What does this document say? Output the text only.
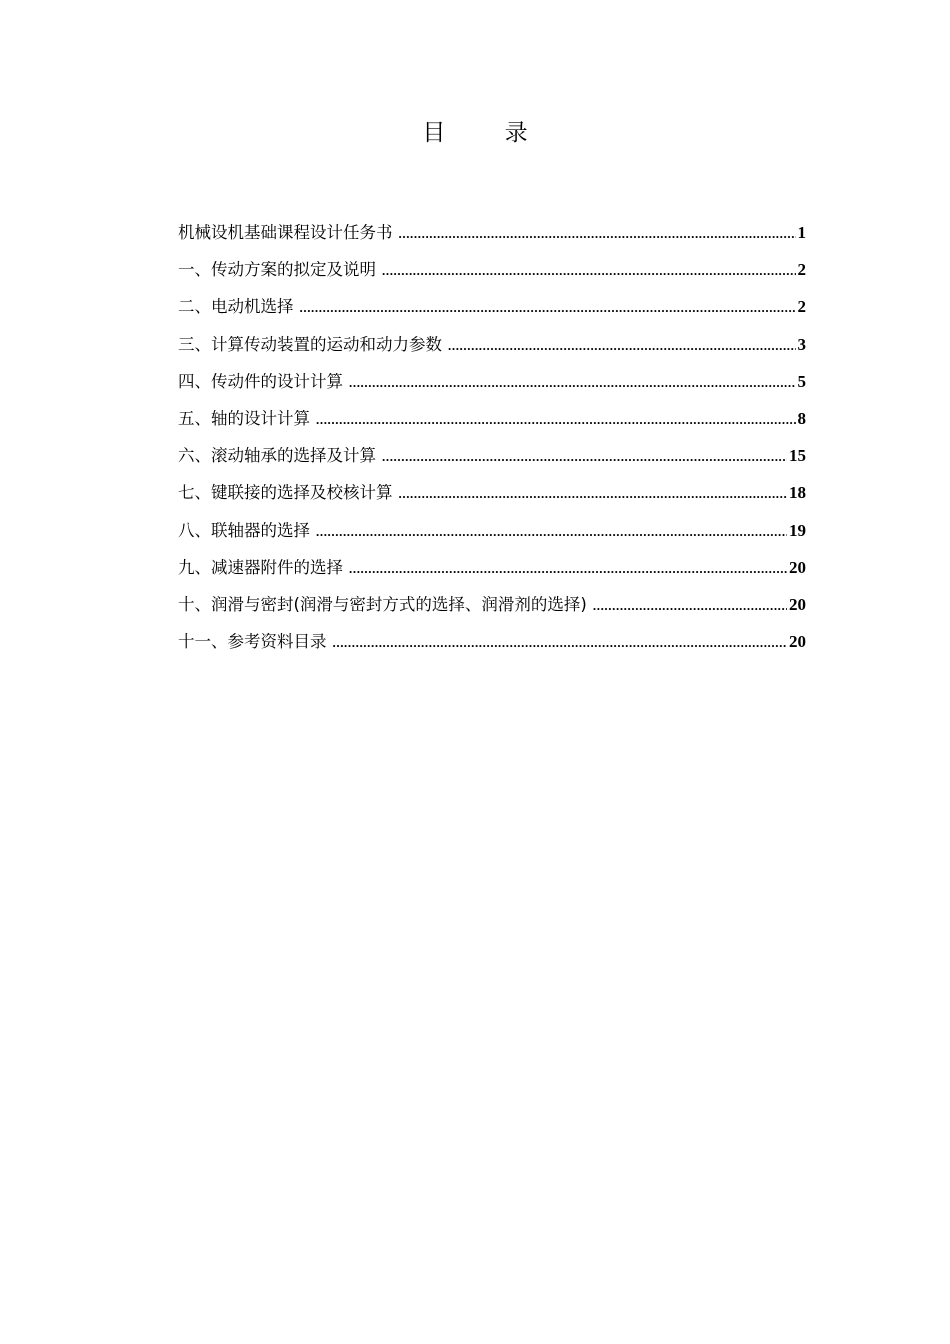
目 录
机械设机基础课程设计任务书 .....	1
一、传动方案的拟定及说明 .....	2
二、电动机选择 .....	2
三、计算传动装置的运动和动力参数 .....	3
四、传动件的设计计算 .....	5
五、轴的设计计算 .....	8
六、滚动轴承的选择及计算 .....	15
七、键联接的选择及校核计算 .....	18
八、联轴器的选择 .....	19
九、减速器附件的选择 .....	20
十、润滑与密封(润滑与密封方式的选择、润滑剂的选择) .....	20
十一、参考资料目录 .....	20
